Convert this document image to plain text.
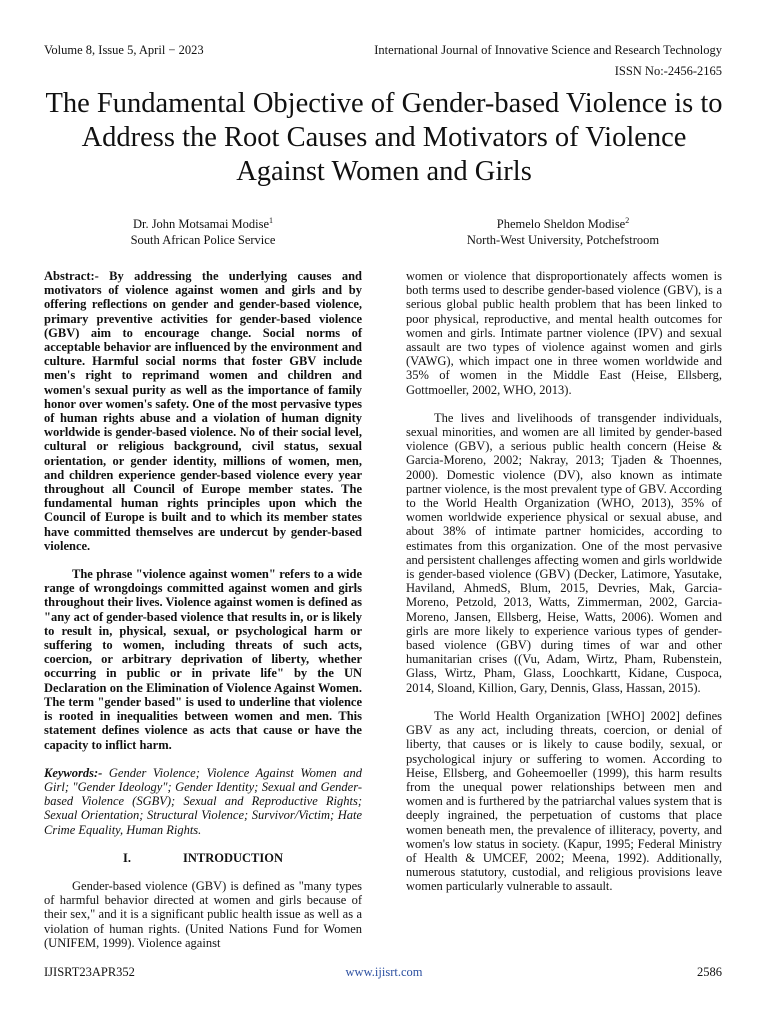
Volume 8, Issue 5, April − 2023	International Journal of Innovative Science and Research Technology
ISSN No:-2456-2165
The Fundamental Objective of Gender-based Violence is to Address the Root Causes and Motivators of Violence Against Women and Girls
Dr. John Motsamai Modise$^1$
South African Police Service
Phemelo Sheldon Modise$^2$
North-West University, Potchefstroom

Abstract:- By addressing the underlying causes and motivators of violence against women and girls and by offering reflections on gender and gender-based violence, primary preventive activities for gender-based violence (GBV) aim to encourage change. Social norms of acceptable behavior are influenced by the environment and culture. Harmful social norms that foster GBV include men's right to reprimand women and children and women's sexual purity as well as the importance of family honor over women's safety. One of the most pervasive types of human rights abuse and a violation of human dignity worldwide is gender-based violence. No of their social level, cultural or religious background, civil status, sexual orientation, or gender identity, millions of women, men, and children experience gender-based violence every year throughout all Council of Europe member states. The fundamental human rights principles upon which the Council of Europe is built and to which its member states have committed themselves are undercut by gender-based violence.

The phrase "violence against women" refers to a wide range of wrongdoings committed against women and girls throughout their lives. Violence against women is defined as "any act of gender-based violence that results in, or is likely to result in, physical, sexual, or psychological harm or suffering to women, including threats of such acts, coercion, or arbitrary deprivation of liberty, whether occurring in public or in private life" by the UN Declaration on the Elimination of Violence Against Women. The term "gender based" is used to underline that violence is rooted in inequalities between women and men. This statement defines violence as acts that cause or have the capacity to inflict harm.

Keywords:- Gender Violence; Violence Against Women and Girl; "Gender Ideology"; Gender Identity; Sexual and Gender-based Violence (SGBV); Sexual and Reproductive Rights; Sexual Orientation; Structural Violence; Survivor/Victim; Hate Crime Equality, Human Rights.

I.	INTRODUCTION

Gender-based violence (GBV) is defined as "many types of harmful behavior directed at women and girls because of their sex," and it is a significant public health issue as well as a violation of human rights. (United Nations Fund for Women (UNIFEM, 1999). Violence against

women or violence that disproportionately affects women is both terms used to describe gender-based violence (GBV), is a serious global public health problem that has been linked to poor physical, reproductive, and mental health outcomes for women and girls. Intimate partner violence (IPV) and sexual assault are two types of violence against women and girls (VAWG), which impact one in three women worldwide and 35% of women in the Middle East (Heise, Ellsberg, Gottmoeller, 2002, WHO, 2013).

The lives and livelihoods of transgender individuals, sexual minorities, and women are all limited by gender-based violence (GBV), a serious public health concern (Heise & Garcia-Moreno, 2002; Nakray, 2013; Tjaden & Thoennes, 2000). Domestic violence (DV), also known as intimate partner violence, is the most prevalent type of GBV. According to the World Health Organization (WHO, 2013), 35% of women worldwide experience physical or sexual abuse, and about 38% of intimate partner homicides, according to estimates from this organization. One of the most pervasive and persistent challenges affecting women and girls worldwide is gender-based violence (GBV) (Decker, Latimore, Yasutake, Haviland, AhmedS, Blum, 2015, Devries, Mak, Garcia-Moreno, Petzold, 2013, Watts, Zimmerman, 2002, Garcia-Moreno, Jansen, Ellsberg, Heise, Watts, 2006). Women and girls are more likely to experience various types of gender-based violence (GBV) during times of war and other humanitarian crises ((Vu, Adam, Wirtz, Pham, Rubenstein, Glass, Wirtz, Pham, Glass, Loochkartt, Kidane, Cuspoca, 2014, Sloand, Killion, Gary, Dennis, Glass, Hassan, 2015).

The World Health Organization [WHO] 2002] defines GBV as any act, including threats, coercion, or denial of liberty, that causes or is likely to cause bodily, sexual, or psychological injury or suffering to women. According to Heise, Ellsberg, and Goheemoeller (1999), this harm results from the unequal power relationships between men and women and is furthered by the patriarchal values system that is deeply ingrained, the perpetuation of customs that place women beneath men, the prevalence of illiteracy, poverty, and women's low status in society. (Kapur, 1995; Federal Ministry of Health & UMCEF, 2002; Meena, 1992). Additionally, numerous statutory, custodial, and religious provisions leave women particularly vulnerable to assault.

IJISRT23APR352	www.ijisrt.com	2586
